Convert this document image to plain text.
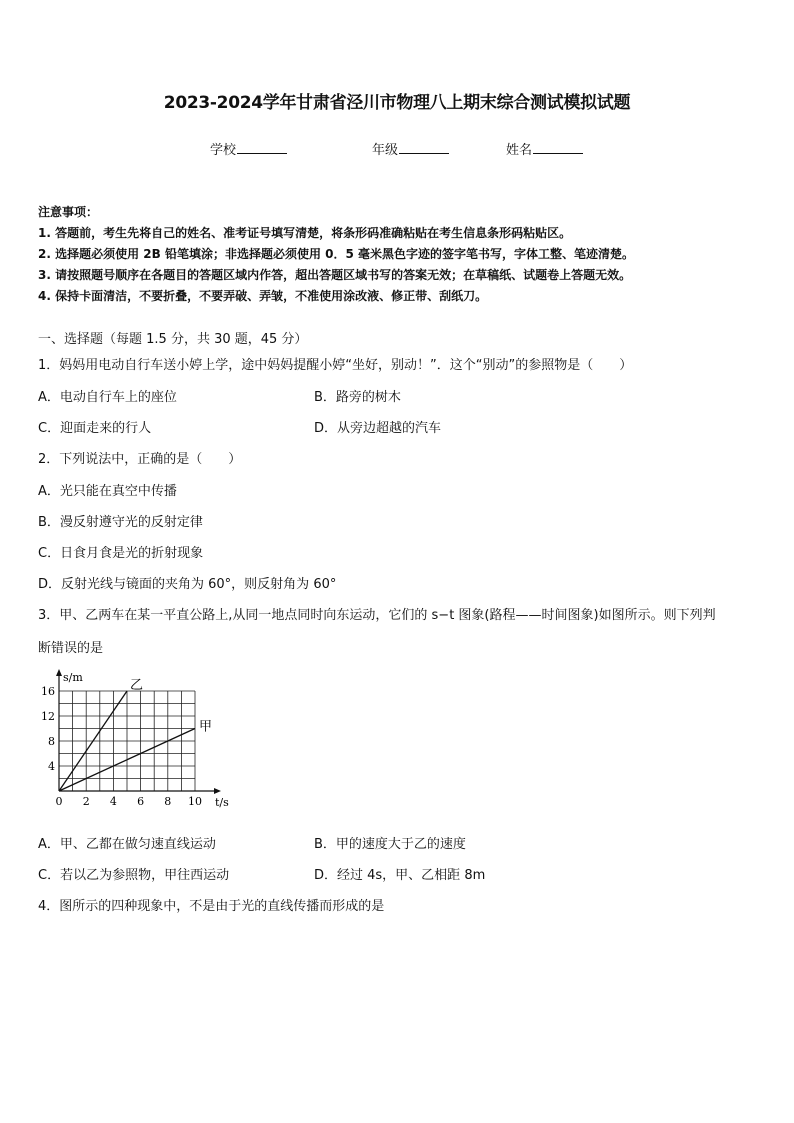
2023-2024学年甘肃省泾川市物理八上期末综合测试模拟试题
学校	年级	姓名
注意事项：
1. 答题前，考生先将自己的姓名、准考证号填写清楚，将条形码准确粘贴在考生信息条形码粘贴区。
2. 选择题必须使用 2B 铅笔填涂；非选择题必须使用 0．5 毫米黑色字迹的签字笔书写，字体工整、笔迹清楚。
3. 请按照题号顺序在各题目的答题区域内作答，超出答题区域书写的答案无效；在草稿纸、试题卷上答题无效。
4. 保持卡面清洁，不要折叠，不要弄破、弄皱，不准使用涂改液、修正带、刮纸刀。
一、选择题（每题 1.5 分，共 30 题，45 分）
1．妈妈用电动自行车送小婷上学，途中妈妈提醒小婷“坐好，别动！”．这个“别动”的参照物是（　　）
A．电动自行车上的座位	B．路旁的树木
C．迎面走来的行人	D．从旁边超越的汽车
2．下列说法中，正确的是（　　）
A．光只能在真空中传播
B．漫反射遵守光的反射定律
C．日食月食是光的折射现象
D．反射光线与镜面的夹角为 60°，则反射角为 60°
3．甲、乙两车在某一平直公路上,从同一地点同时向东运动，它们的 s−t 图象(路程——时间图象)如图所示。则下列判
断错误的是
0 2 4 6 8 10
4
8
12
16
s/m
t/s
乙
甲
A．甲、乙都在做匀速直线运动	B．甲的速度大于乙的速度
C．若以乙为参照物，甲往西运动	D．经过 4s，甲、乙相距 8m
4．图所示的四种现象中，不是由于光的直线传播而形成的是
